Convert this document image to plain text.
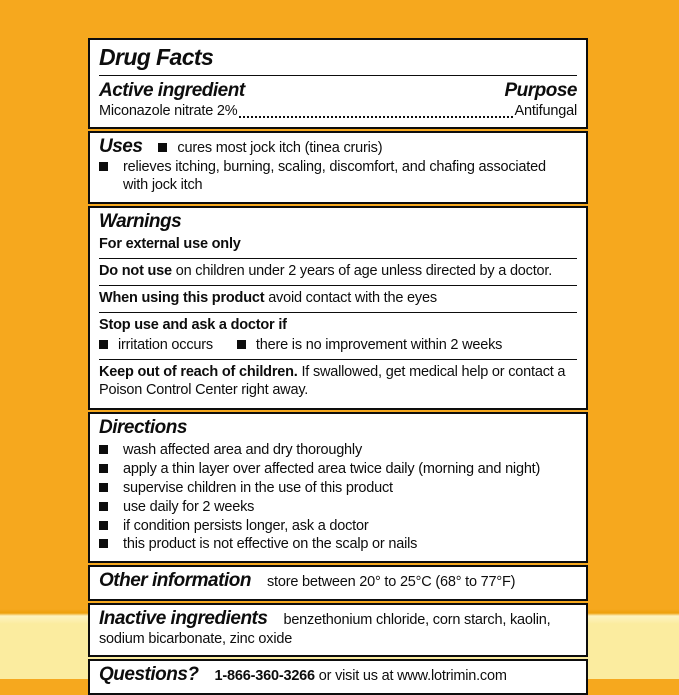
Drug Facts
Active ingredient	Purpose
Miconazole nitrate 2%	Antifungal
Uses cures most jock itch (tinea cruris)
relieves itching, burning, scaling, discomfort, and chafing associated with jock itch
Warnings
For external use only
Do not use on children under 2 years of age unless directed by a doctor.
When using this product avoid contact with the eyes
Stop use and ask a doctor if
irritation occurs	there is no improvement within 2 weeks
Keep out of reach of children. If swallowed, get medical help or contact a Poison Control Center right away.
Directions
wash affected area and dry thoroughly
apply a thin layer over affected area twice daily (morning and night)
supervise children in the use of this product
use daily for 2 weeks
if condition persists longer, ask a doctor
this product is not effective on the scalp or nails
Other information store between 20° to 25°C (68° to 77°F)
Inactive ingredients benzethonium chloride, corn starch, kaolin, sodium bicarbonate, zinc oxide
Questions? 1-866-360-3266 or visit us at www.lotrimin.com
